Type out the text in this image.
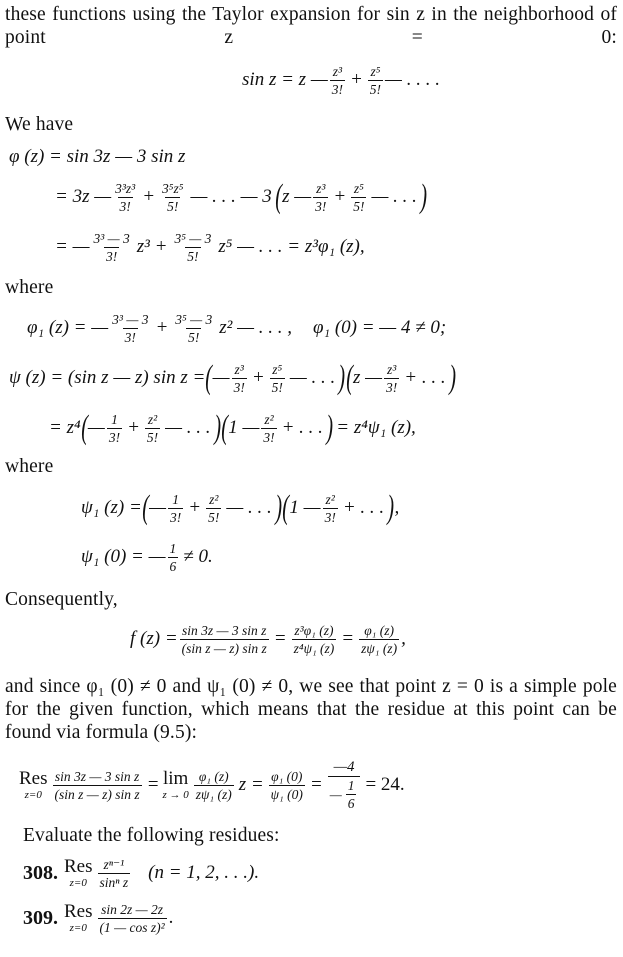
these functions using the Taylor expansion for sin z in the neighborhood of point z = 0:

sin z = z — $\frac{\text{z³}}{3!} + \frac{\text{z⁵}}{5!}$ — . . . .

We have

φ (z) = sin 3z — 3 sin z
= 3z — $\frac{\text{3³z³}}{3!} + \frac{\text{3⁵z⁵}}{5!}$ — . . . — 3 ( z — $\frac{\text{z³}}{3!} + \frac{\text{z⁵}}{5!}$ — . . . )
= — $\frac{\text{3³ — 3}}{3!} z^3 + \frac{\text{3⁵ — 3}}{5!} z^5$ — . . . = z³φ₁ (z),

where

φ₁ (z) = — $\frac{\text{3³ — 3}}{3!} + \frac{\text{3⁵ — 3}}{5!} z^2$ — . . . , φ₁ (0) = — 4 ≠ 0;
ψ (z) = (sin z — z) sin z = ( — $\frac{\text{z³}}{3!} + \frac{\text{z⁵}}{5!}$ — . . . ) ( z — $\frac{\text{z³}}{3!}$ + . . . )
= z⁴ ( — $\frac{1}{3!} + \frac{\text{z²}}{5!}$ — . . . ) ( 1 — $\frac{\text{z²}}{3!}$ + . . . ) = z⁴ψ₁ (z),

where

ψ₁ (z) = ( — $\frac{1}{3!} + \frac{\text{z²}}{5!}$ — . . . ) ( 1 — $\frac{\text{z²}}{3!}$ + . . . ) ,
ψ₁ (0) = — $\frac{1}{6} \ne 0$.

Consequently,

f $(z) = \frac{\text{sin 3z — 3 sin z}}{\text{(sin z — z) sin z}} = \frac{\text{z³φ₁ (z)}}{\text{z⁴ψ₁ (z)}} = \frac{\text{φ₁ (z)}}{\text{zψ₁ (z)}}$ ,

and since φ₁ (0) ≠ 0 and ψ₁ (0) ≠ 0, we see that point z = 0 is a simple pole for the given function, which means that the residue at this point can be found via formula (9.5):

Res
$z=0 \frac{\text{sin 3z — 3 sin z}}{\text{(sin z — z) sin z}} = \lim$
$z \to 0 \frac{\text{φ₁ (z)}}{\text{zψ₁ (z)}}$ $z = \frac{\text{φ₁ (0)}}{\text{ψ₁ (0)}} = \frac{—4}{— \frac{1}{6}} = 24$.

Evaluate the following residues:

308. Res
$z=0 \frac{\text{zⁿ⁻¹}}{\text{sinⁿ z}} (n = 1$, 2, . . .).
309. Res
$z=0 \frac{\sin 2z — 2z}{\text{(1 — cos z)²}}$ .
